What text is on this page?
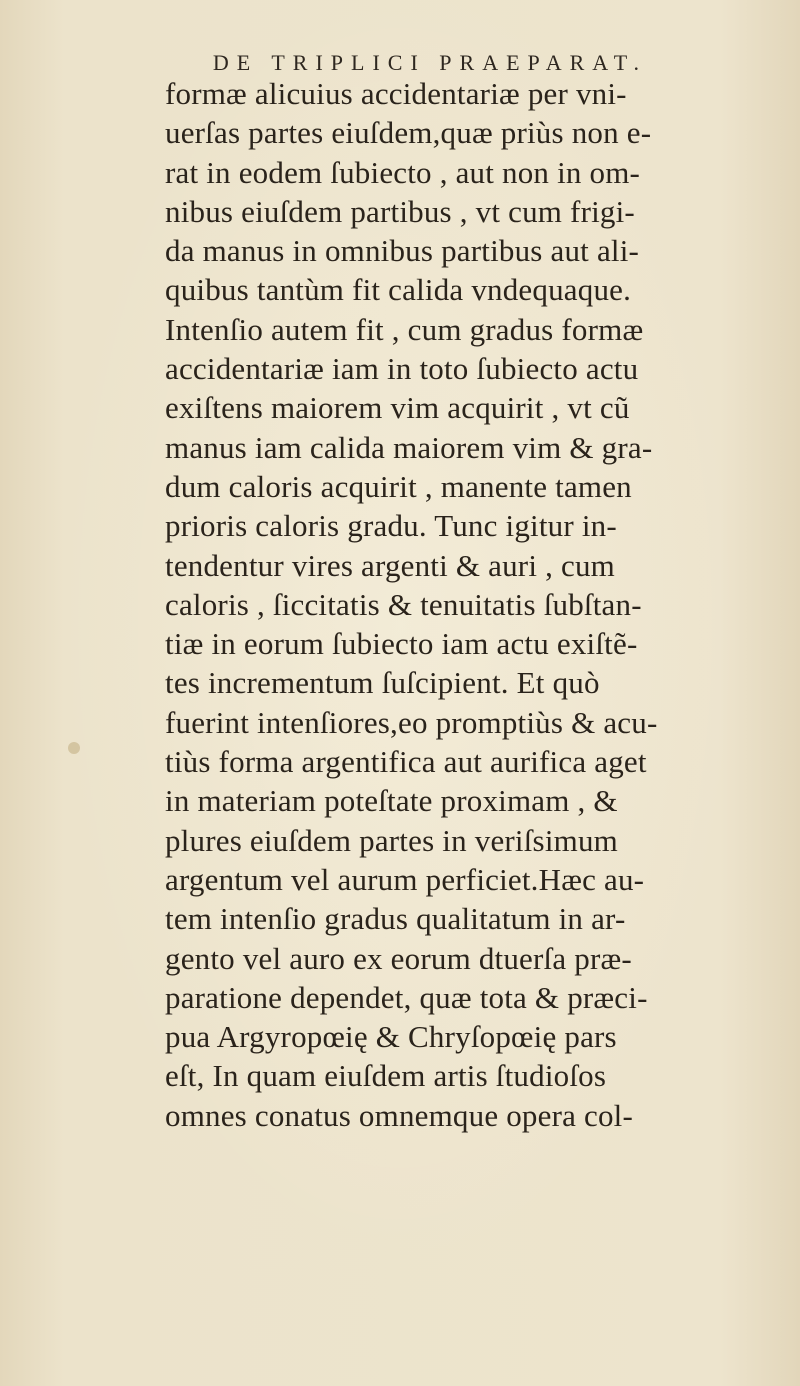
DE TRIPLICI PRAEPARAT.
formæ alicuius accidentariæ per vni-
uerſas partes eiuſdem,quæ priùs non e-
rat in eodem ſubiecto , aut non in om-
nibus eiuſdem partibus , vt cum frigi-
da manus in omnibus partibus aut ali-
quibus tantùm fit calida vndequaque.
Intenſio autem fit , cum gradus formæ
accidentariæ iam in toto ſubiecto actu
exiſtens maiorem vim acquirit , vt cũ
manus iam calida maiorem vim & gra-
dum caloris acquirit , manente tamen
prioris caloris gradu. Tunc igitur in-
tendentur vires argenti & auri , cum
caloris , ſiccitatis & tenuitatis ſubſtan-
tiæ in eorum ſubiecto iam actu exiſtẽ-
tes incrementum ſuſcipient. Et quò
fuerint intenſiores,eo promptiùs & acu-
tiùs forma argentifica aut aurifica aget
in materiam poteſtate proximam , &
plures eiuſdem partes in veriſsimum
argentum vel aurum perficiet.Hæc au-
tem intenſio gradus qualitatum in ar-
gento vel auro ex eorum dtuerſa præ-
paratione dependet, quæ tota & præci-
pua Argyropœię & Chryſopœię pars
eſt, In quam eiuſdem artis ſtudioſos
omnes conatus omnemque opera col-
